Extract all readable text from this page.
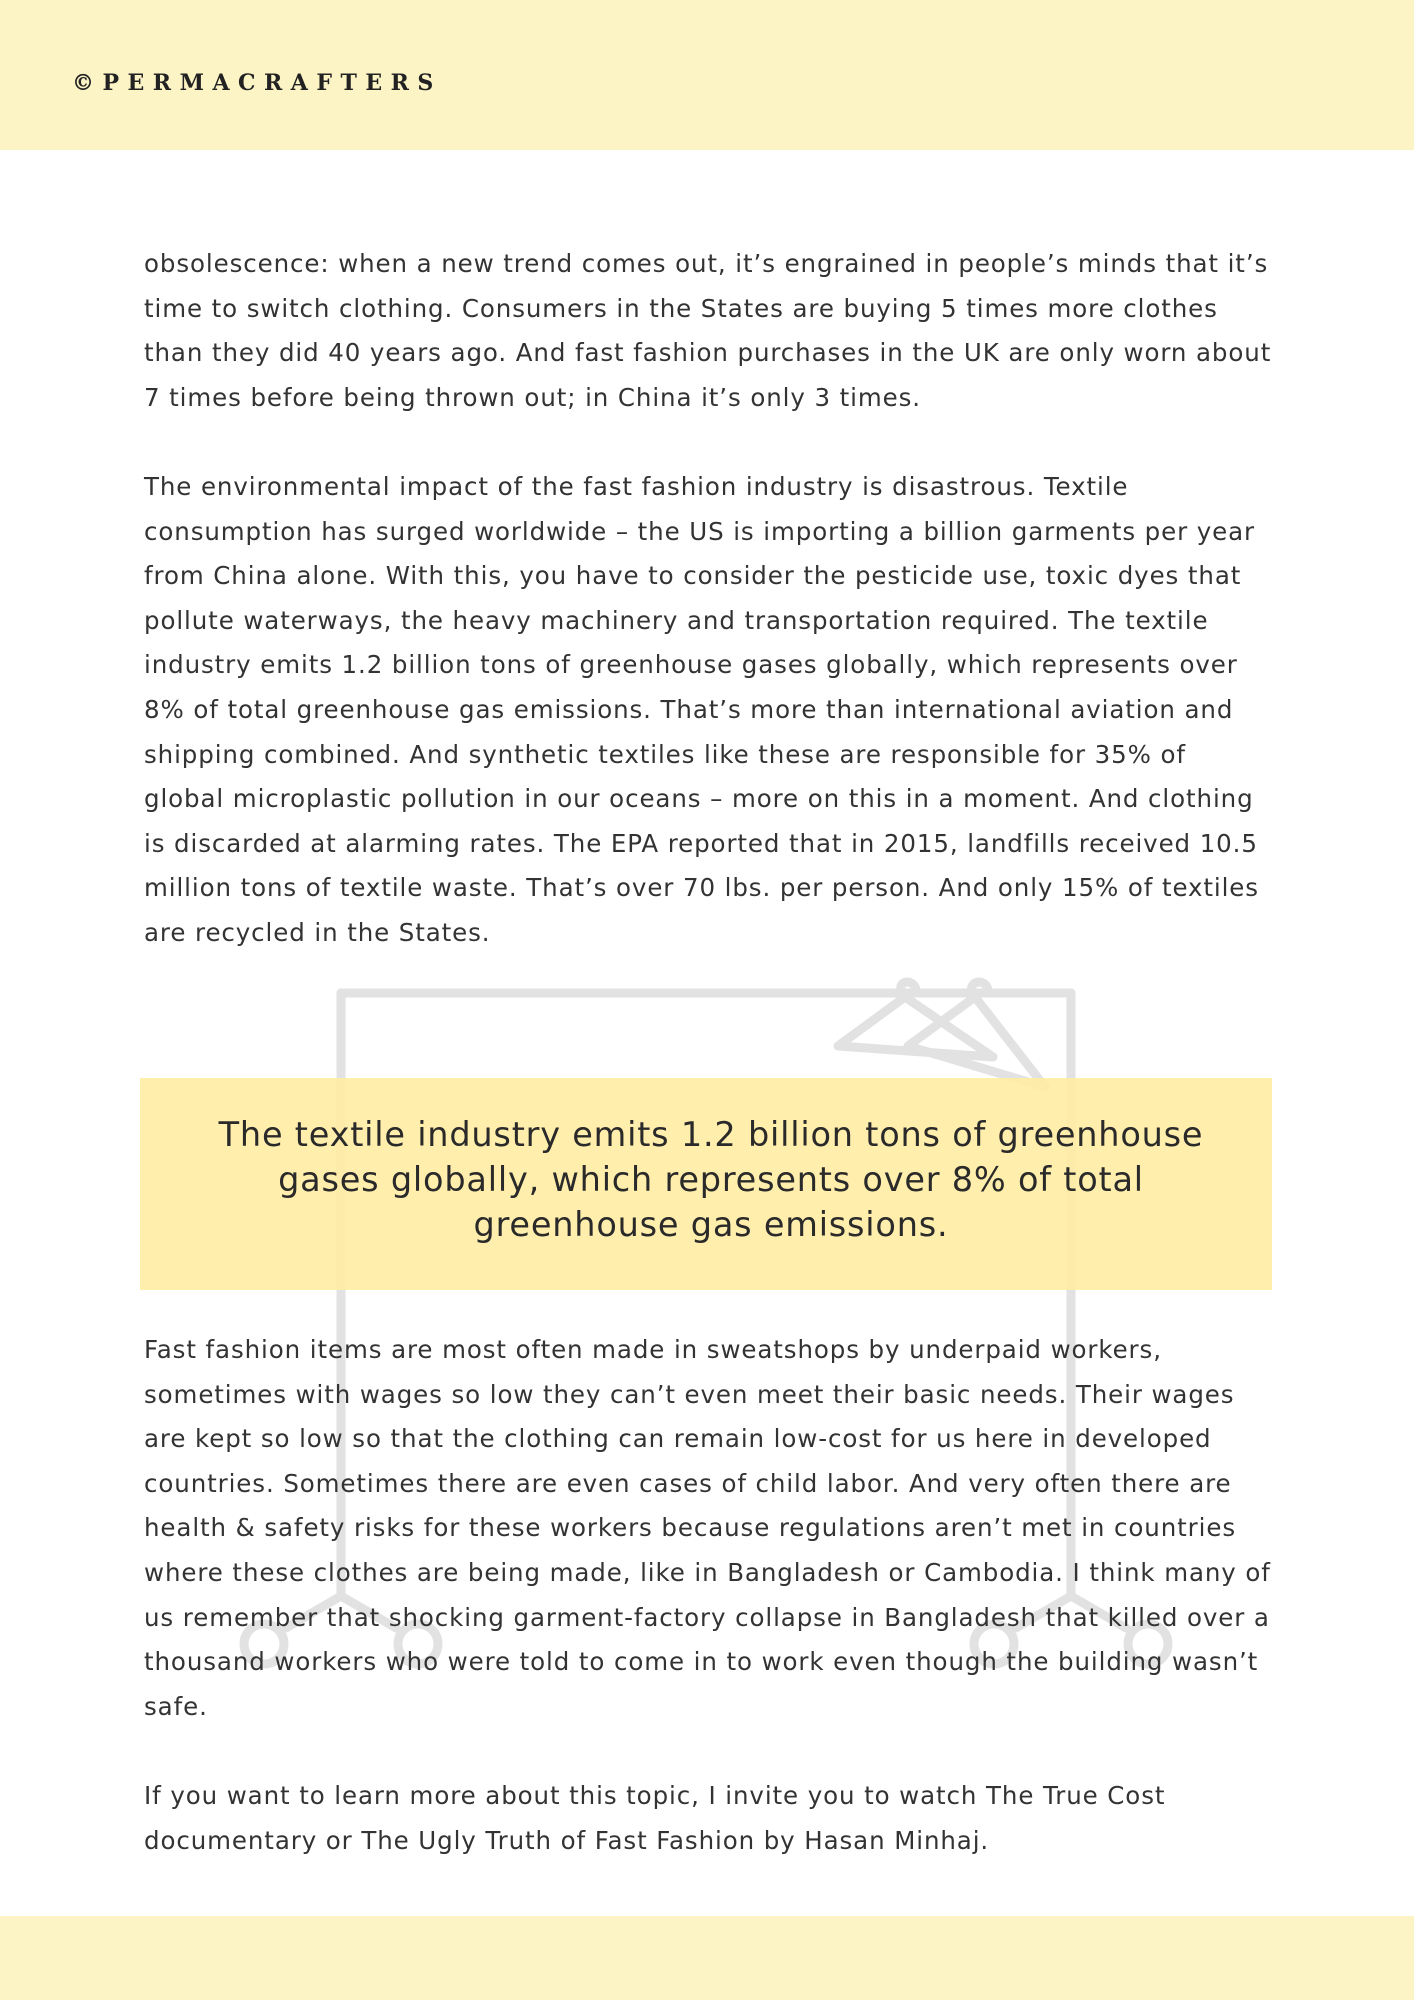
©PERMACRAFTERS

obsolescence: when a new trend comes out, it’s engrained in people’s minds that it’s time to switch clothing. Consumers in the States are buying 5 times more clothes than they did 40 years ago. And fast fashion purchases in the UK are only worn about 7 times before being thrown out; in China it’s only 3 times.

The environmental impact of the fast fashion industry is disastrous. Textile consumption has surged worldwide – the US is importing a billion garments per year from China alone. With this, you have to consider the pesticide use, toxic dyes that pollute waterways, the heavy machinery and transportation required. The textile industry emits 1.2 billion tons of greenhouse gases globally, which represents over 8% of total greenhouse gas emissions. That’s more than international aviation and shipping combined. And synthetic textiles like these are responsible for 35% of global microplastic pollution in our oceans – more on this in a moment. And clothing is discarded at alarming rates. The EPA reported that in 2015, landfills received 10.5 million tons of textile waste. That’s over 70 lbs. per person. And only 15% of textiles are recycled in the States.

The textile industry emits 1.2 billion tons of greenhouse gases globally, which represents over 8% of total greenhouse gas emissions.

Fast fashion items are most often made in sweatshops by underpaid workers, sometimes with wages so low they can’t even meet their basic needs. Their wages are kept so low so that the clothing can remain low-cost for us here in developed countries. Sometimes there are even cases of child labor. And very often there are health & safety risks for these workers because regulations aren’t met in countries where these clothes are being made, like in Bangladesh or Cambodia. I think many of us remember that shocking garment-factory collapse in Bangladesh that killed over a thousand workers who were told to come in to work even though the building wasn’t safe.

If you want to learn more about this topic, I invite you to watch The True Cost documentary or The Ugly Truth of Fast Fashion by Hasan Minhaj.
